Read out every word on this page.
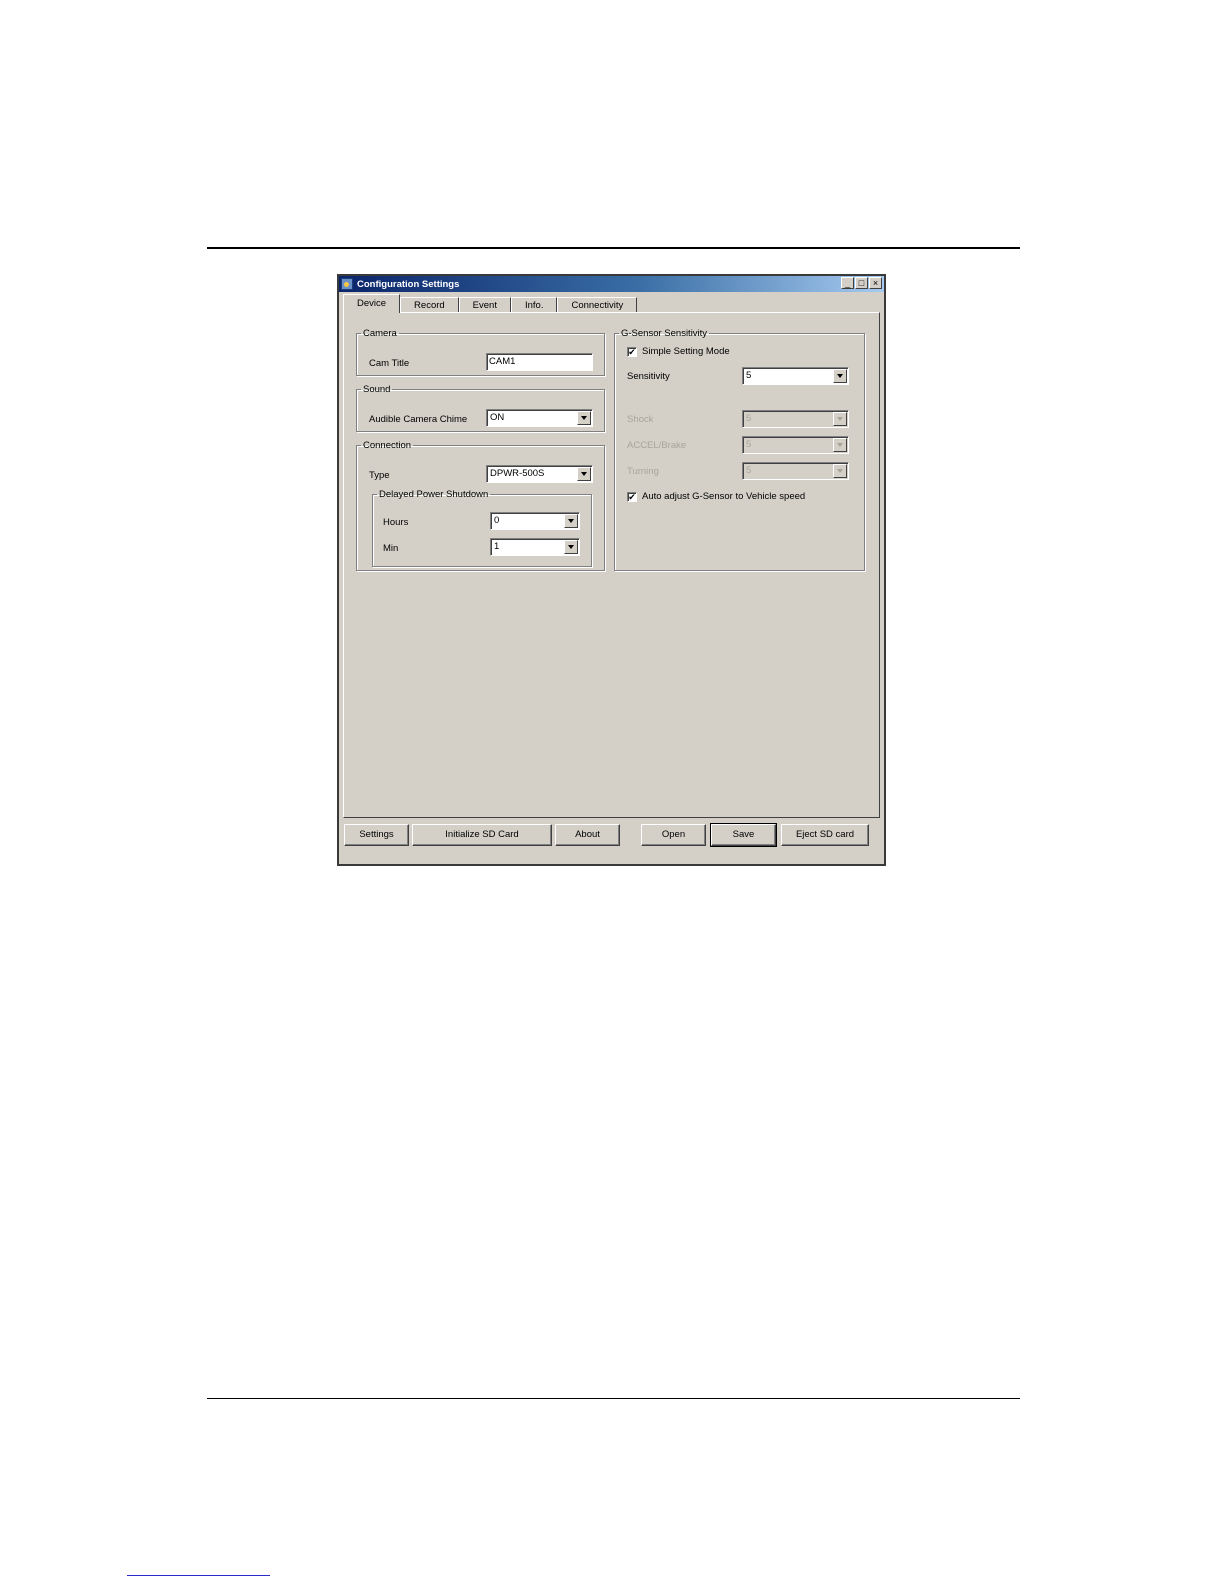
Configuration Settings	_ □ ×
Device	Record	Event	Info.	Connectivity
Camera
Cam Title	CAM1
Sound
Audible Camera Chime ON
Connection
Type	DPWR-500S
Delayed Power Shutdown
Hours	0
Min	1
G-Sensor Sensitivity
✔ Simple Setting Mode
Sensitivity	5
Shock	5
ACCEL/Brake	5
Turning	5
✔ Auto adjust G-Sensor to Vehicle speed
Settings	Initialize SD Card	About	Open	Save	Eject SD card
